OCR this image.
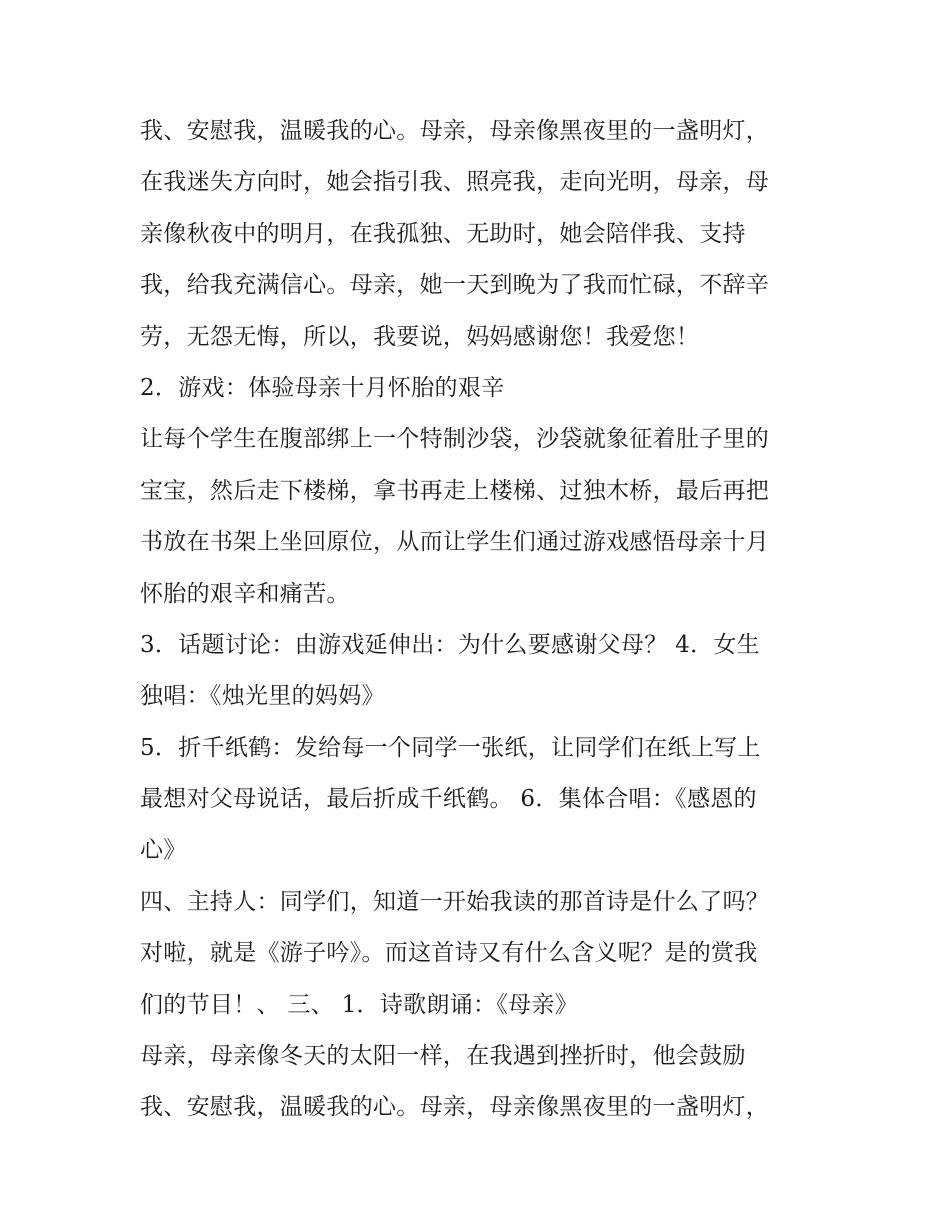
我、安慰我，温暖我的心。母亲，母亲像黑夜里的一盏明灯，
在我迷失方向时，她会指引我、照亮我，走向光明，母亲，母
亲像秋夜中的明月，在我孤独、无助时，她会陪伴我、支持
我，给我充满信心。母亲，她一天到晚为了我而忙碌，不辞辛
劳，无怨无悔，所以，我要说，妈妈感谢您！我爱您！
2．游戏：体验母亲十月怀胎的艰辛
让每个学生在腹部绑上一个特制沙袋，沙袋就象征着肚子里的
宝宝，然后走下楼梯，拿书再走上楼梯、过独木桥，最后再把
书放在书架上坐回原位，从而让学生们通过游戏感悟母亲十月
怀胎的艰辛和痛苦。
3．话题讨论：由游戏延伸出：为什么要感谢父母？ 4．女生
独唱：《烛光里的妈妈》
5．折千纸鹤：发给每一个同学一张纸，让同学们在纸上写上
最想对父母说话，最后折成千纸鹤。 6．集体合唱：《感恩的
心》
四、主持人：同学们，知道一开始我读的那首诗是什么了吗？
对啦，就是《游子吟》。而这首诗又有什么含义呢？是的赏我
们的节目！、 三、 1．诗歌朗诵：《母亲》
母亲，母亲像冬天的太阳一样，在我遇到挫折时，他会鼓励
我、安慰我，温暖我的心。母亲，母亲像黑夜里的一盏明灯，
